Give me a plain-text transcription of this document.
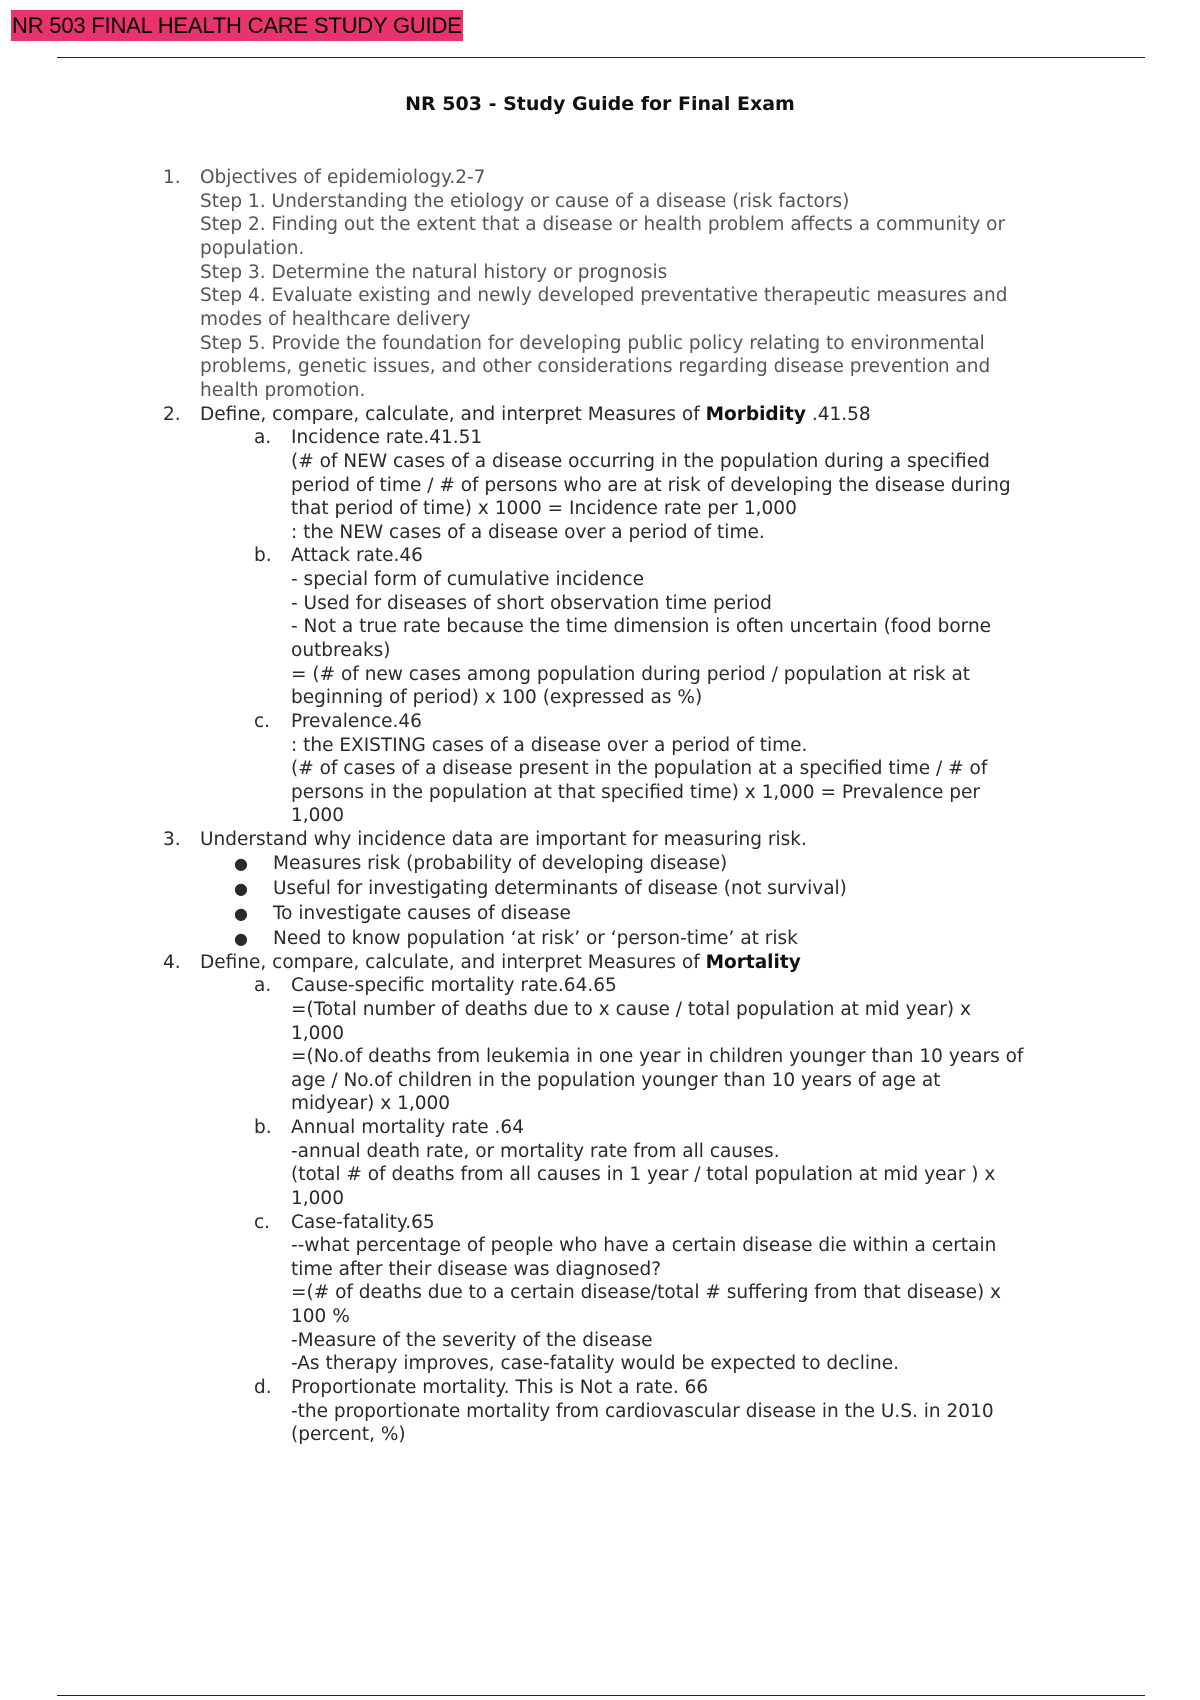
NR 503 FINAL HEALTH CARE STUDY GUIDE
NR 503 - Study Guide for Final Exam
1. Objectives of epidemiology.2-7
Step 1. Understanding the etiology or cause of a disease (risk factors)
Step 2. Finding out the extent that a disease or health problem affects a community or
population.
Step 3. Determine the natural history or prognosis
Step 4. Evaluate existing and newly developed preventative therapeutic measures and
modes of healthcare delivery
Step 5. Provide the foundation for developing public policy relating to environmental
problems, genetic issues, and other considerations regarding disease prevention and
health promotion.
2. Define, compare, calculate, and interpret Measures of Morbidity .41.58
a. Incidence rate.41.51
(# of NEW cases of a disease occurring in the population during a specified
period of time / # of persons who are at risk of developing the disease during
that period of time) x 1000 = Incidence rate per 1,000
: the NEW cases of a disease over a period of time.
b. Attack rate.46
- special form of cumulative incidence
- Used for diseases of short observation time period
- Not a true rate because the time dimension is often uncertain (food borne
outbreaks)
= (# of new cases among population during period / population at risk at
beginning of period) x 100 (expressed as %)
c. Prevalence.46
: the EXISTING cases of a disease over a period of time.
(# of cases of a disease present in the population at a specified time / # of
persons in the population at that specified time) x 1,000 = Prevalence per
1,000
3. Understand why incidence data are important for measuring risk.
● Measures risk (probability of developing disease)
● Useful for investigating determinants of disease (not survival)
● To investigate causes of disease
● Need to know population ‘at risk’ or ‘person-time’ at risk
4. Define, compare, calculate, and interpret Measures of Mortality
a. Cause-specific mortality rate.64.65
=(Total number of deaths due to x cause / total population at mid year) x
1,000
=(No.of deaths from leukemia in one year in children younger than 10 years of
age / No.of children in the population younger than 10 years of age at
midyear) x 1,000
b. Annual mortality rate .64
-annual death rate, or mortality rate from all causes.
(total # of deaths from all causes in 1 year / total population at mid year ) x
1,000
c. Case-fatality.65
--what percentage of people who have a certain disease die within a certain
time after their disease was diagnosed?
=(# of deaths due to a certain disease/total # suffering from that disease) x
100 %
-Measure of the severity of the disease
-As therapy improves, case-fatality would be expected to decline.
d. Proportionate mortality. This is Not a rate. 66
-the proportionate mortality from cardiovascular disease in the U.S. in 2010
(percent, %)
